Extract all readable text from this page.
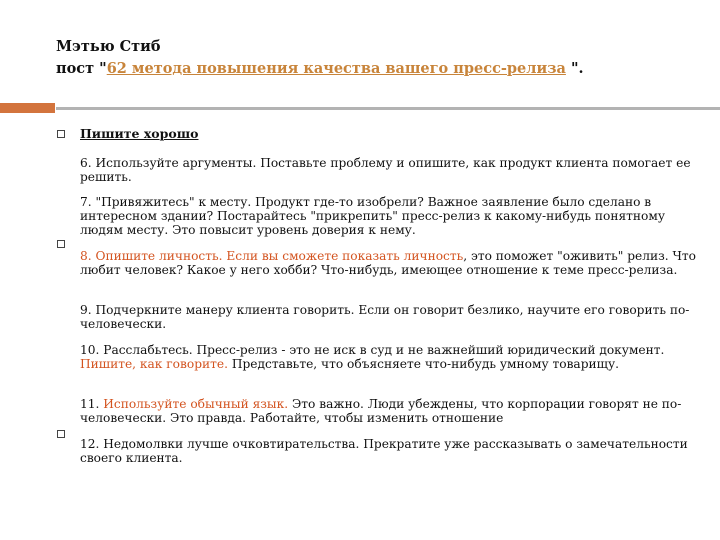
Мэтью Стиб
пост "62 метода повышения качества вашего пресс-релиза ".
Пишите хорошо
6. Используйте аргументы. Поставьте проблему и опишите, как продукт клиента помогает ее решить.
7. "Привяжитесь" к месту. Продукт где-то изобрели? Важное заявление было сделано в интересном здании? Постарайтесь "прикрепить" пресс-релиз к какому-нибудь понятному людям месту. Это повысит уровень доверия к нему.
8. Опишите личность. Если вы сможете показать личность, это поможет "оживить" релиз. Что любит человек? Какое у него хобби? Что-нибудь, имеющее отношение к теме пресс-релиза.
9. Подчеркните манеру клиента говорить. Если он говорит безлико, научите его говорить по-человечески.
10. Расслабьтесь. Пресс-релиз - это не иск в суд и не важнейший юридический документ. Пишите, как говорите. Представьте, что объясняете что-нибудь умному товарищу.
11. Используйте обычный язык. Это важно. Люди убеждены, что корпорации говорят не по-человечески. Это правда. Работайте, чтобы изменить отношение
12. Недомолвки лучше очковтирательства. Прекратите уже рассказывать о замечательности своего клиента.
